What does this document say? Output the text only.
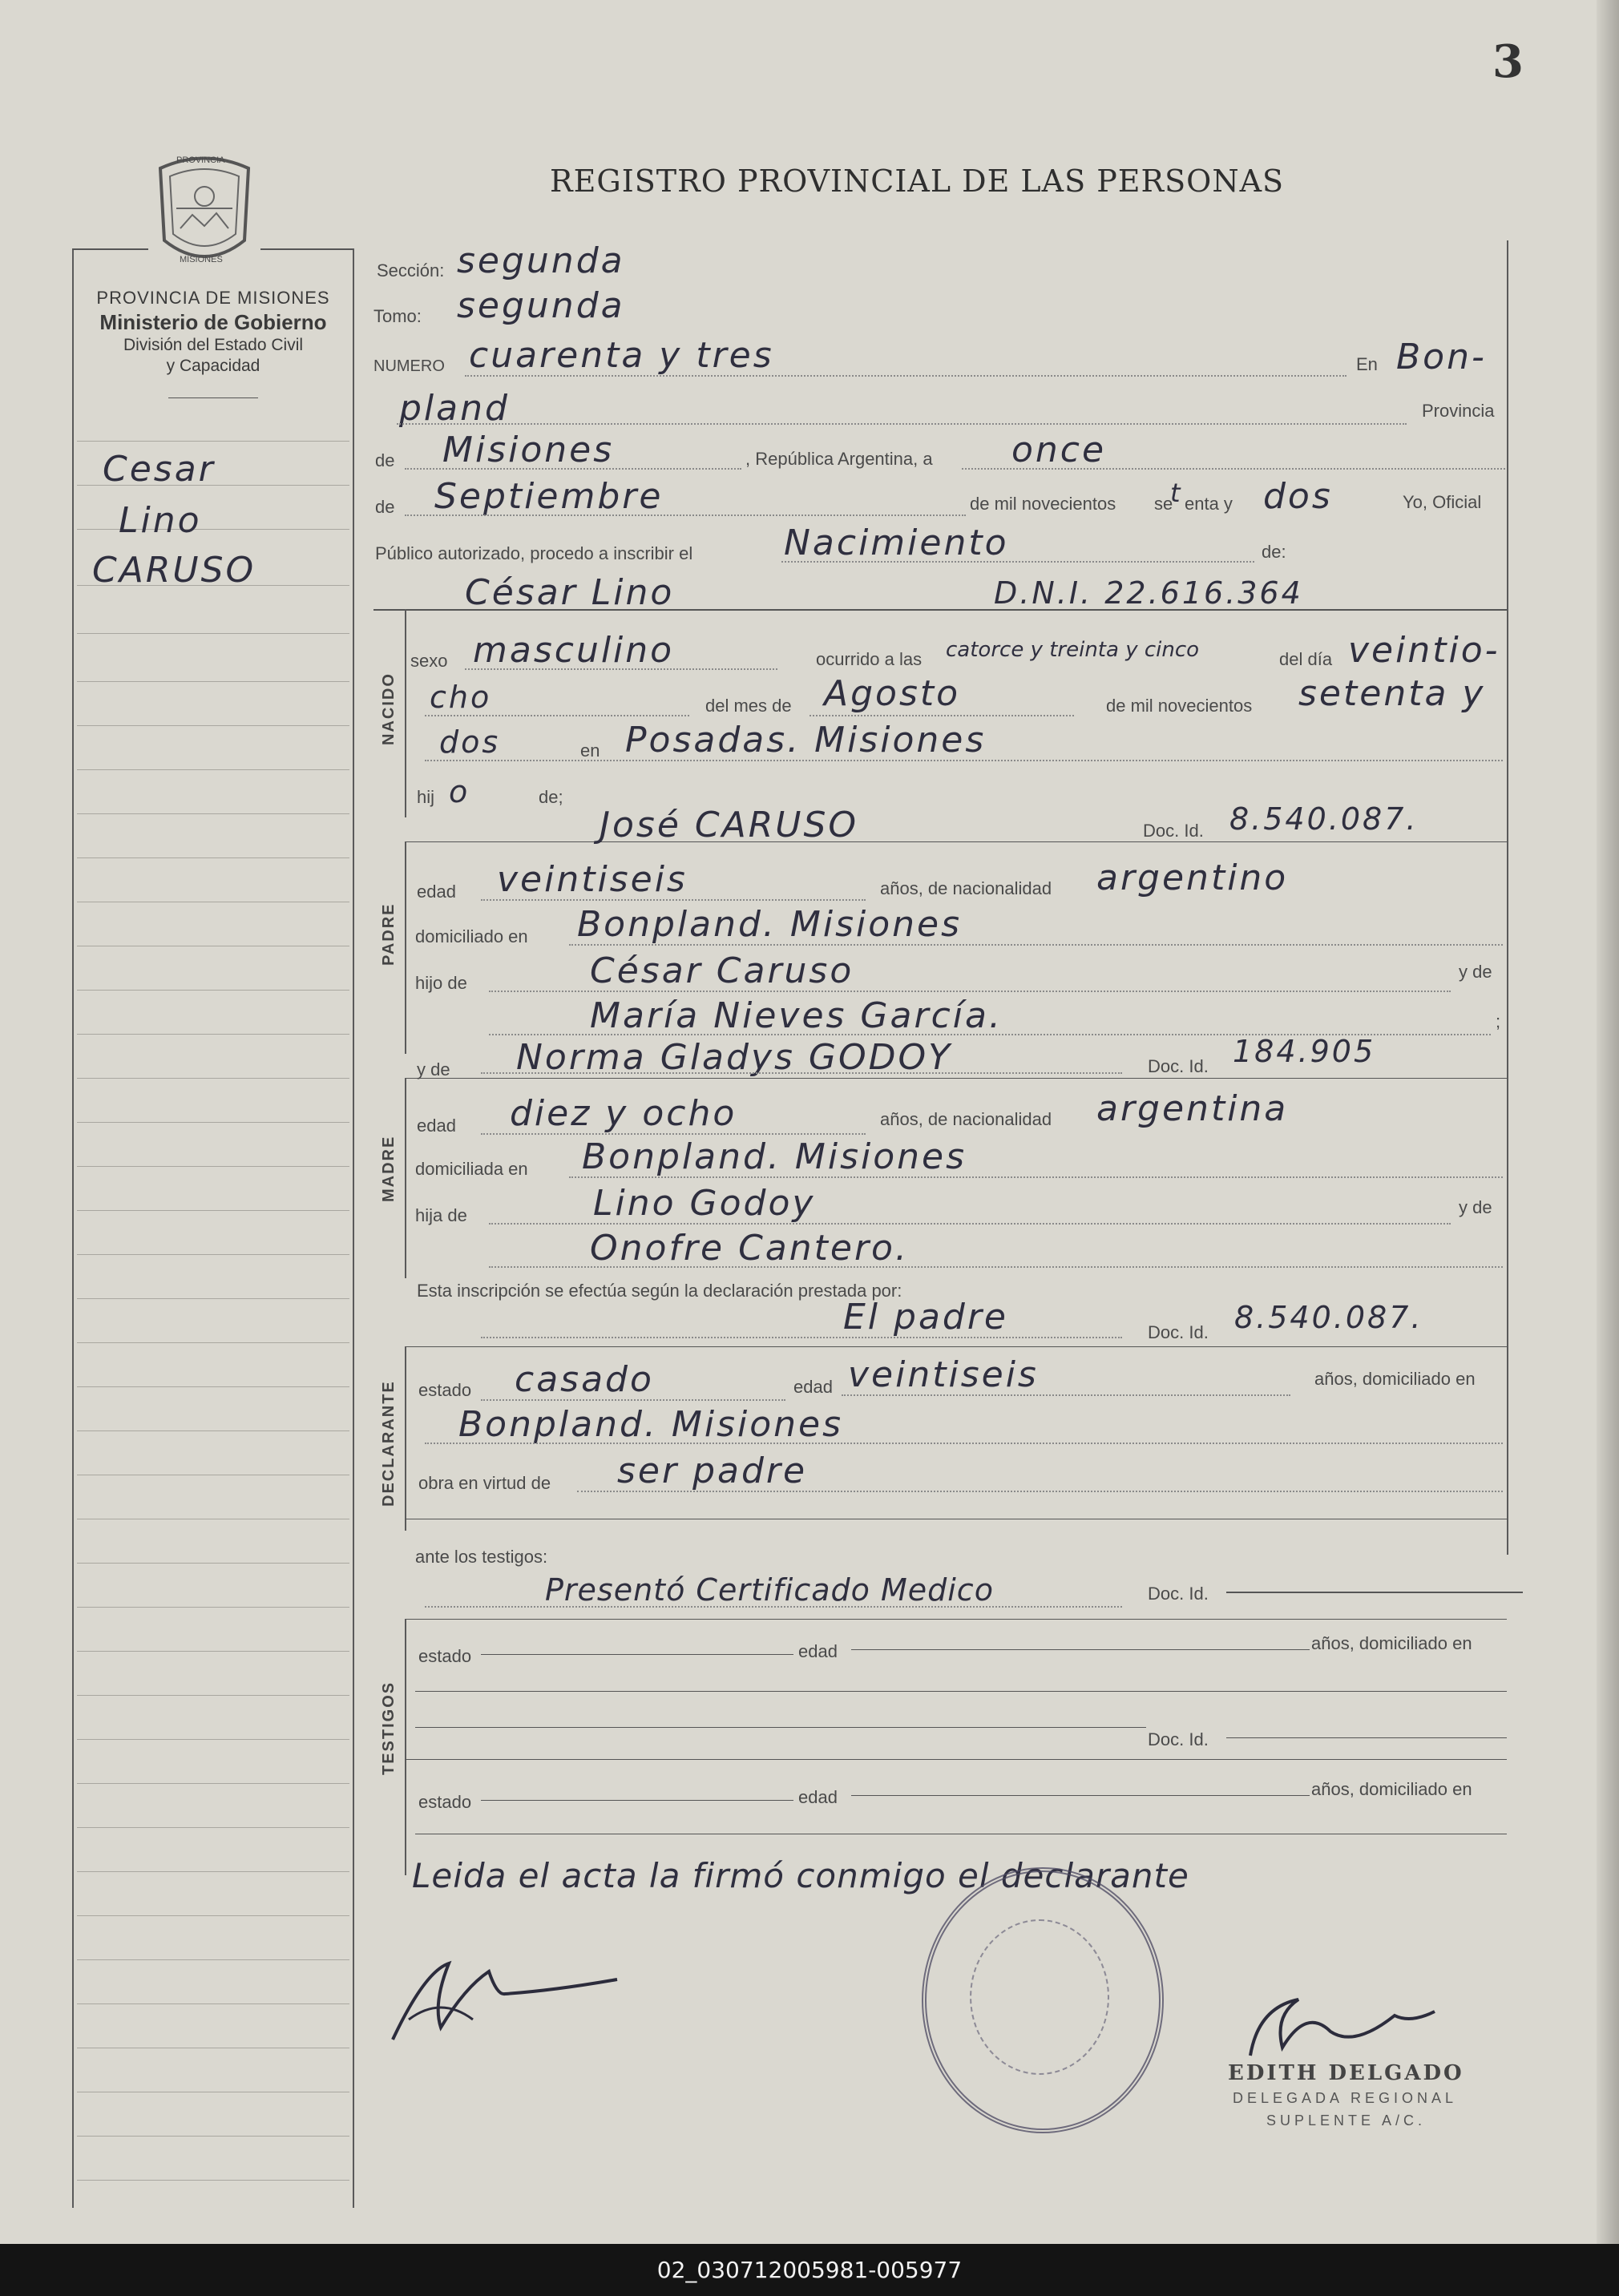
3
PROVINCIA
MISIONES
REGISTRO PROVINCIAL DE LAS PERSONAS
PROVINCIA DE MISIONES
Ministerio de Gobierno
División del Estado Civil
y Capacidad
Cesar
Lino
CARUSO
Sección: segunda
Tomo: segunda
NUMERO cuarenta y tres	En Bon-
pland	Provincia
de Misiones	, República Argentina, a once
de Septiembre	de mil novecientos se
t enta y dos	Yo, Oficial
Público autorizado, procedo a inscribir el	Nacimiento	de:
NACIDO
César Lino	D.N.I. 22.616.364
sexo masculino	ocurrido a las catorce y treinta y cinco	del día veintio-
cho	del mes de Agosto	de mil novecientos setenta y
dos	en Posadas. Misiones
hij o	de;
José CARUSO	Doc. Id. 8.540.087.
PADRE
edad veintiseis	años, de nacionalidad argentino
domiciliado en Bonpland. Misiones
hijo de	César Caruso	y de
María Nieves García.	;
y de Norma Gladys GODOY	Doc. Id. 184.905
MADRE
edad diez y ocho	años, de nacionalidad argentina
domiciliada en Bonpland. Misiones
hija de	Lino Godoy	y de
Onofre Cantero.
Esta inscripción se efectúa según la declaración prestada por:
El padre	Doc. Id. 8.540.087.
DECLARANTE estado casado	edad veintiseis	años, domiciliado en
Bonpland. Misiones
obra en virtud de ser padre
ante los testigos:
Presentó Certificado Medico	Doc. Id.
TESTIGOS
estado	edad	años, domiciliado en
Doc. Id.
estado	edad	años, domiciliado en
Leida el acta la firmó conmigo el declarante
EDITH DELGADO
DELEGADA REGIONAL
SUPLENTE A/C.
02_030712005981-005977
